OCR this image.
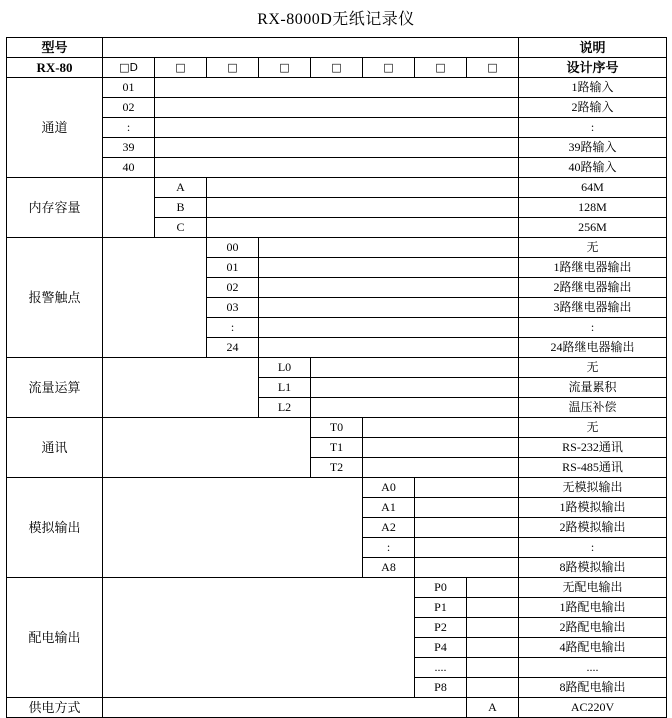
RX-8000D无纸记录仪
型号									说明
RX-80	□D	□	□	□	□	□	□	□	设计序号
通道	01								1路输入
	02								2路输入
	:								:
	39								39路输入
	40								40路输入
内存容量		A							64M
		B							128M
		C							256M
报警触点			00						无
			01						1路继电器输出
			02						2路继电器输出
			03						3路继电器输出
			:						:
			24						24路继电器输出
流量运算				L0					无
				L1					流量累积
				L2					温压补偿
通讯					T0				无
					T1				RS-232通讯
					T2				RS-485通讯
模拟输出						A0			无模拟输出
						A1			1路模拟输出
						A2			2路模拟输出
						:			:
						A8			8路模拟输出
配电输出							P0		无配电输出
							P1		1路配电输出
							P2		2路配电输出
							P4		4路配电输出
							....		....
							P8		8路配电输出
供电方式								A	AC220V
